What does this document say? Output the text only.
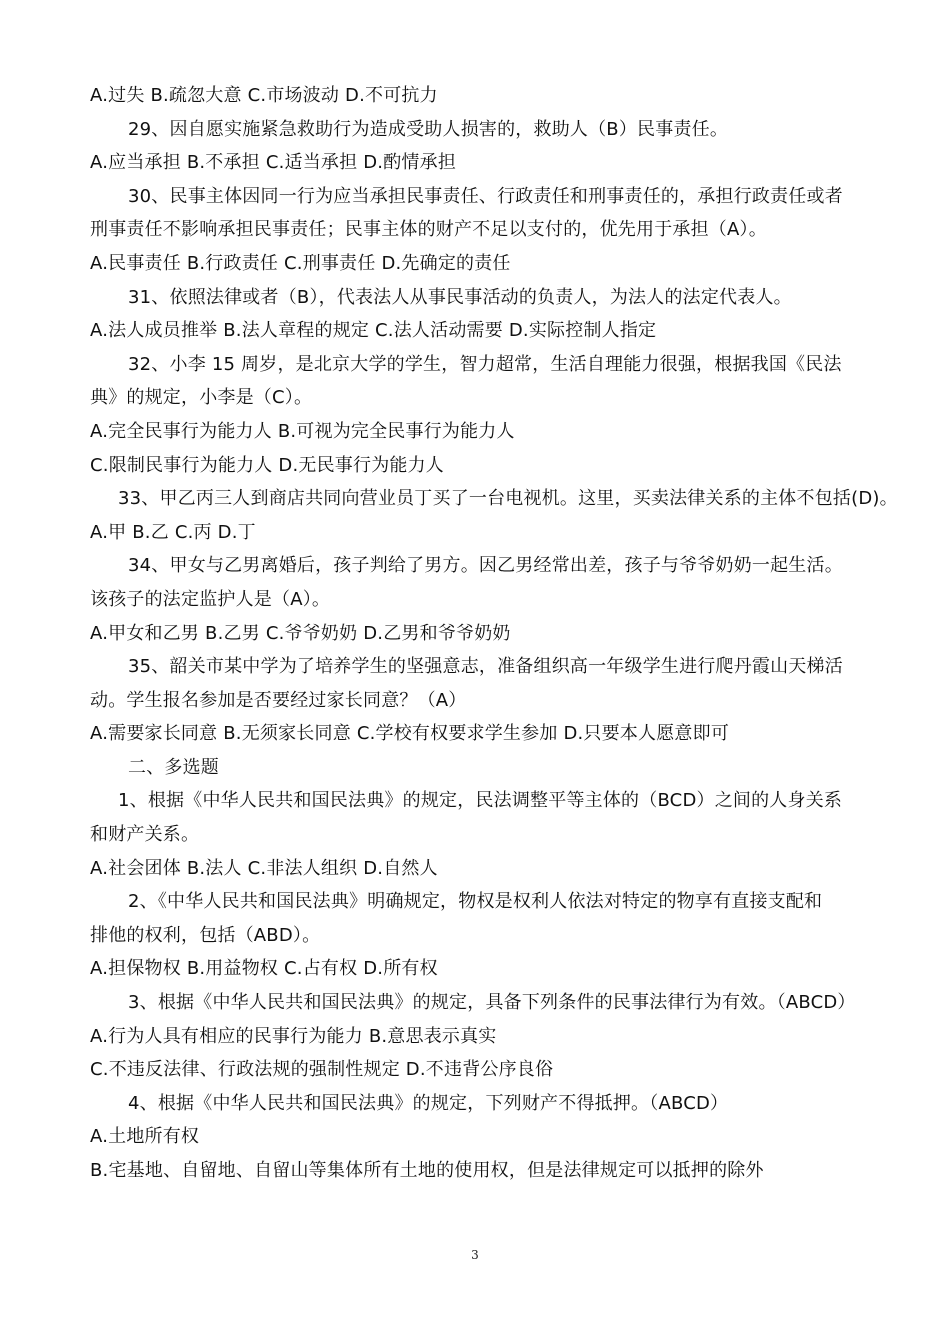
A.过失 B.疏忽大意 C.市场波动 D.不可抗力
29、因自愿实施紧急救助行为造成受助人损害的，救助人（B）民事责任。
A.应当承担 B.不承担 C.适当承担 D.酌情承担
30、民事主体因同一行为应当承担民事责任、行政责任和刑事责任的，承担行政责任或者
刑事责任不影响承担民事责任；民事主体的财产不足以支付的，优先用于承担（A）。
A.民事责任 B.行政责任 C.刑事责任 D.先确定的责任
31、依照法律或者（B），代表法人从事民事活动的负责人，为法人的法定代表人。
A.法人成员推举 B.法人章程的规定 C.法人活动需要 D.实际控制人指定
32、小李 15 周岁，是北京大学的学生，智力超常，生活自理能力很强，根据我国《民法
典》的规定，小李是（C）。
A.完全民事行为能力人 B.可视为完全民事行为能力人
C.限制民事行为能力人 D.无民事行为能力人
33、甲乙丙三人到商店共同向营业员丁买了一台电视机。这里，买卖法律关系的主体不包括(D)。
A.甲 B.乙 C.丙 D.丁
34、甲女与乙男离婚后，孩子判给了男方。因乙男经常出差，孩子与爷爷奶奶一起生活。
该孩子的法定监护人是（A）。
A.甲女和乙男 B.乙男 C.爷爷奶奶 D.乙男和爷爷奶奶
35、韶关市某中学为了培养学生的坚强意志，准备组织高一年级学生进行爬丹霞山天梯活
动。学生报名参加是否要经过家长同意？（A）
A.需要家长同意 B.无须家长同意 C.学校有权要求学生参加 D.只要本人愿意即可
二、多选题
1、根据《中华人民共和国民法典》的规定，民法调整平等主体的（BCD）之间的人身关系
和财产关系。
A.社会团体 B.法人 C.非法人组织 D.自然人
2、《中华人民共和国民法典》明确规定，物权是权利人依法对特定的物享有直接支配和
排他的权利，包括（ABD）。
A.担保物权 B.用益物权 C.占有权 D.所有权
3、根据《中华人民共和国民法典》的规定，具备下列条件的民事法律行为有效。（ABCD）
A.行为人具有相应的民事行为能力 B.意思表示真实
C.不违反法律、行政法规的强制性规定 D.不违背公序良俗
4、根据《中华人民共和国民法典》的规定，下列财产不得抵押。（ABCD）
A.土地所有权
B.宅基地、自留地、自留山等集体所有土地的使用权，但是法律规定可以抵押的除外
3
